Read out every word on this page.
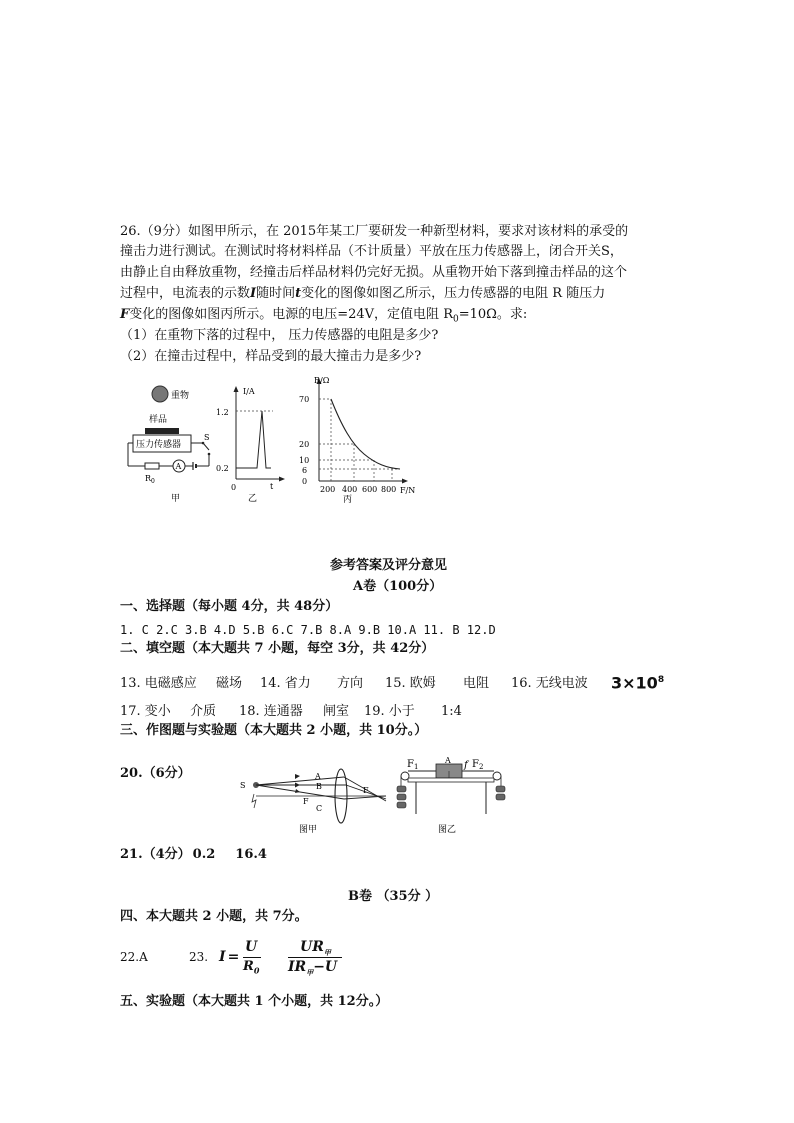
26.（9分）如图甲所示，在 2015年某工厂要研发一种新型材料，要求对该材料的承受的
撞击力进行测试。在测试时将材料样品（不计质量）平放在压力传感器上，闭合开关S，
由静止自由释放重物，经撞击后样品材料仍完好无损。从重物开始下落到撞击样品的这个
过程中，电流表的示数I随时间t变化的图像如图乙所示，压力传感器的电阻 R 随压力
F变化的图像如图丙所示。电源的电压=24V，定值电阻 $R_0=10\Omega$。求:
（1）在重物下落的过程中， 压力传感器的电阻是多少?
（2）在撞击过程中，样品受到的最大撞击力是多少?
重物
样品
压力传感器
S
A
$R_0$
甲
I/A
1.2
0.2
0	t
乙
R/Ω
F/N
70
20
10
6
0
200 400 600 800
丙
参考答案及评分意见
A卷（100分）
一、选择题（每小题 4分，共 48分）
1. C 2.C 3.B 4.D 5.B 6.C 7.B 8.A 9.B 10.A 11. B 12.D
二、填空题（本大题共 7 小题，每空 3分，共 42分）
13. 电磁感应 磁场 14. 省力 方向 15. 欧姆 电阻 16. 无线电波 $3\times 10^8$
17. 变小 介质 18. 连通器 闸室 19. 小于 1:4
三、作图题与实验题（本大题共 2 小题，共 10分。）
20.（6分）
S
A
B
C
F
F
图甲
$F_1$
A f $F_2$
图乙
21.（4分） 0.2 16.4
B卷 （35分 ）
四、本大题共 2 小题，共 7分。
22.A	23. I =
U
$R_0$
$UR_甲$
$IR_甲-U$
五、实验题（本大题共 1 个小题，共 12分。）
